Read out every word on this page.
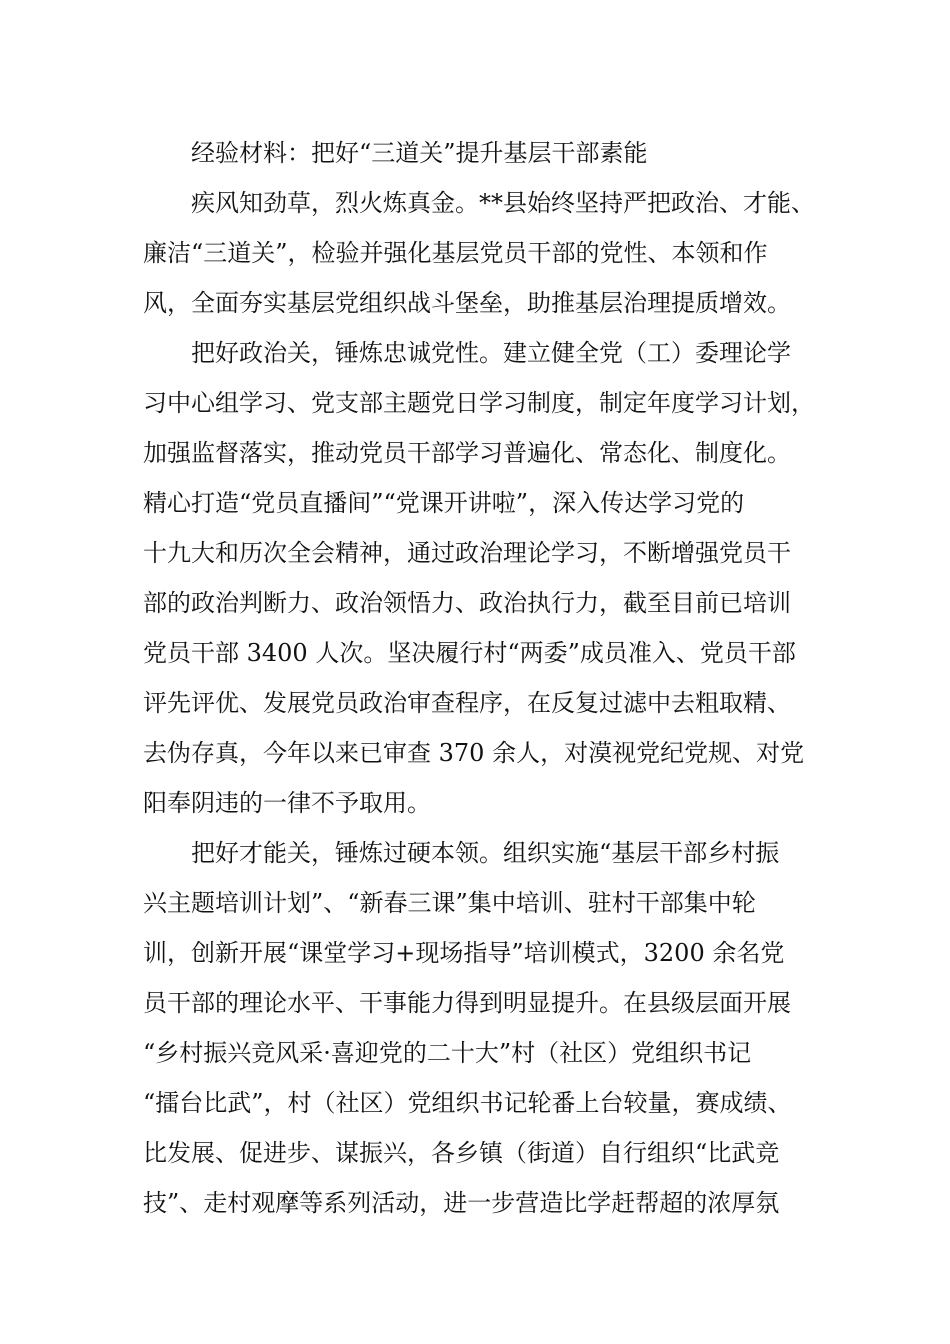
经验材料：把好“三道关”提升基层干部素能
疾风知劲草，烈火炼真金。**县始终坚持严把政治、才能、
廉洁“三道关”，检验并强化基层党员干部的党性、本领和作
风，全面夯实基层党组织战斗堡垒，助推基层治理提质增效。
把好政治关，锤炼忠诚党性。建立健全党（工）委理论学
习中心组学习、党支部主题党日学习制度，制定年度学习计划，
加强监督落实，推动党员干部学习普遍化、常态化、制度化。
精心打造“党员直播间”“党课开讲啦”，深入传达学习党的
十九大和历次全会精神，通过政治理论学习，不断增强党员干
部的政治判断力、政治领悟力、政治执行力，截至目前已培训
党员干部 3400 人次。坚决履行村“两委”成员准入、党员干部
评先评优、发展党员政治审查程序，在反复过滤中去粗取精、
去伪存真，今年以来已审查 370 余人，对漠视党纪党规、对党
阳奉阴违的一律不予取用。
把好才能关，锤炼过硬本领。组织实施“基层干部乡村振
兴主题培训计划”、“新春三课”集中培训、驻村干部集中轮
训，创新开展“课堂学习+现场指导”培训模式，3200 余名党
员干部的理论水平、干事能力得到明显提升。在县级层面开展
“乡村振兴竞风采·喜迎党的二十大”村（社区）党组织书记
“擂台比武”，村（社区）党组织书记轮番上台较量，赛成绩、
比发展、促进步、谋振兴，各乡镇（街道）自行组织“比武竞
技”、走村观摩等系列活动，进一步营造比学赶帮超的浓厚氛
